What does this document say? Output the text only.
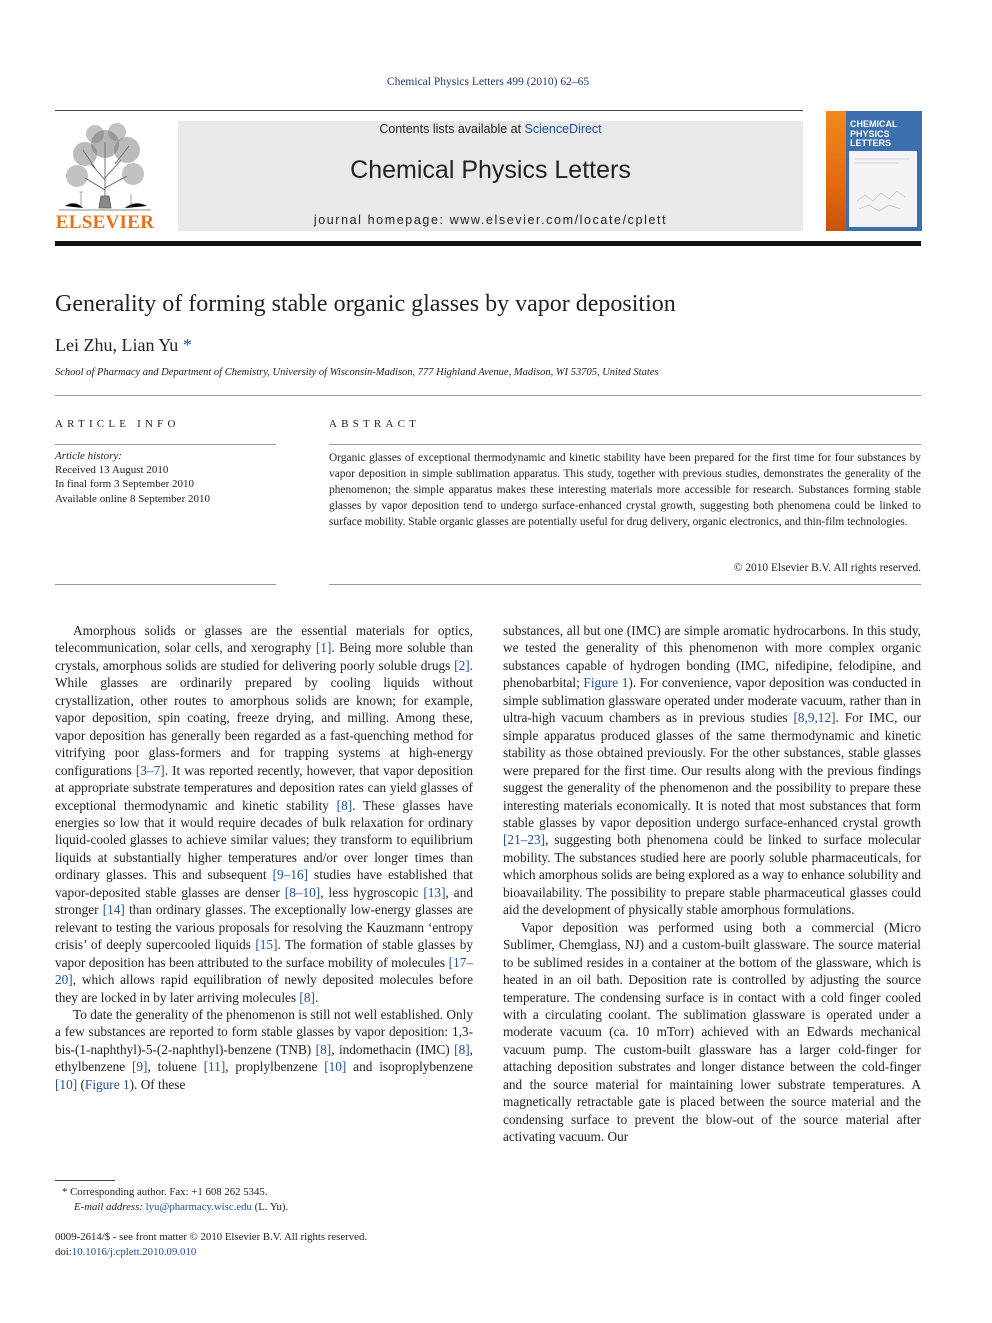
Chemical Physics Letters 499 (2010) 62–65
ELSEVIER
Contents lists available at ScienceDirect
Chemical Physics Letters
journal homepage: www.elsevier.com/locate/cplett
CHEMICAL
PHYSICS
LETTERS
Generality of forming stable organic glasses by vapor deposition
Lei Zhu, Lian Yu *
School of Pharmacy and Department of Chemistry, University of Wisconsin-Madison, 777 Highland Avenue, Madison, WI 53705, United States
ARTICLE INFO	ABSTRACT
Article history:
Received 13 August 2010
In final form 3 September 2010
Available online 8 September 2010
Organic glasses of exceptional thermodynamic and kinetic stability have been prepared for the first time for four substances by vapor deposition in simple sublimation apparatus. This study, together with previous studies, demonstrates the generality of the phenomenon; the simple apparatus makes these interesting materials more accessible for research. Substances forming stable glasses by vapor deposition tend to undergo surface-enhanced crystal growth, suggesting both phenomena could be linked to surface mobility. Stable organic glasses are potentially useful for drug delivery, organic electronics, and thin-film technologies.
© 2010 Elsevier B.V. All rights reserved.

Amorphous solids or glasses are the essential materials for optics, telecommunication, solar cells, and xerography [1]. Being more soluble than crystals, amorphous solids are studied for delivering poorly soluble drugs [2]. While glasses are ordinarily prepared by cooling liquids without crystallization, other routes to amorphous solids are known; for example, vapor deposition, spin coating, freeze drying, and milling. Among these, vapor deposition has generally been regarded as a fast-quenching method for vitrifying poor glass-formers and for trapping systems at high-energy configurations [3–7]. It was reported recently, however, that vapor deposition at appropriate substrate temperatures and deposition rates can yield glasses of exceptional thermodynamic and kinetic stability [8]. These glasses have energies so low that it would require decades of bulk relaxation for ordinary liquid-cooled glasses to achieve similar values; they transform to equilibrium liquids at substantially higher temperatures and/or over longer times than ordinary glasses. This and subsequent [9–16] studies have established that vapor-deposited stable glasses are denser [8–10], less hygroscopic [13], and stronger [14] than ordinary glasses. The exceptionally low-energy glasses are relevant to testing the various proposals for resolving the Kauzmann ‘entropy crisis’ of deeply supercooled liquids [15]. The formation of stable glasses by vapor deposition has been attributed to the surface mobility of molecules [17–20], which allows rapid equilibration of newly deposited molecules before they are locked in by later arriving molecules [8].

To date the generality of the phenomenon is still not well established. Only a few substances are reported to form stable glasses by vapor deposition: 1,3-bis-(1-naphthyl)-5-(2-naphthyl)-benzene (TNB) [8], indomethacin (IMC) [8], ethylbenzene [9], toluene [11], proplylbenzene [10] and isoproplybenzene [10] (Figure 1). Of these

substances, all but one (IMC) are simple aromatic hydrocarbons. In this study, we tested the generality of this phenomenon with more complex organic substances capable of hydrogen bonding (IMC, nifedipine, felodipine, and phenobarbital; Figure 1). For convenience, vapor deposition was conducted in simple sublimation glassware operated under moderate vacuum, rather than in ultra-high vacuum chambers as in previous studies [8,9,12]. For IMC, our simple apparatus produced glasses of the same thermodynamic and kinetic stability as those obtained previously. For the other substances, stable glasses were prepared for the first time. Our results along with the previous findings suggest the generality of the phenomenon and the possibility to prepare these interesting materials economically. It is noted that most substances that form stable glasses by vapor deposition undergo surface-enhanced crystal growth [21–23], suggesting both phenomena could be linked to surface molecular mobility. The substances studied here are poorly soluble pharmaceuticals, for which amorphous solids are being explored as a way to enhance solubility and bioavailability. The possibility to prepare stable pharmaceutical glasses could aid the development of physically stable amorphous formulations.

Vapor deposition was performed using both a commercial (Micro Sublimer, Chemglass, NJ) and a custom-built glassware. The source material to be sublimed resides in a container at the bottom of the glassware, which is heated in an oil bath. Deposition rate is controlled by adjusting the source temperature. The condensing surface is in contact with a cold finger cooled with a circulating coolant. The sublimation glassware is operated under a moderate vacuum (ca. 10 mTorr) achieved with an Edwards mechanical vacuum pump. The custom-built glassware has a larger cold-finger for attaching deposition substrates and longer distance between the cold-finger and the source material for maintaining lower substrate temperatures. A magnetically retractable gate is placed between the source material and the condensing surface to prevent the blow-out of the source material after activating vacuum. Our

* Corresponding author. Fax: +1 608 262 5345.
E-mail address: lyu@pharmacy.wisc.edu (L. Yu).
0009-2614/$ - see front matter © 2010 Elsevier B.V. All rights reserved.
doi:10.1016/j.cplett.2010.09.010
